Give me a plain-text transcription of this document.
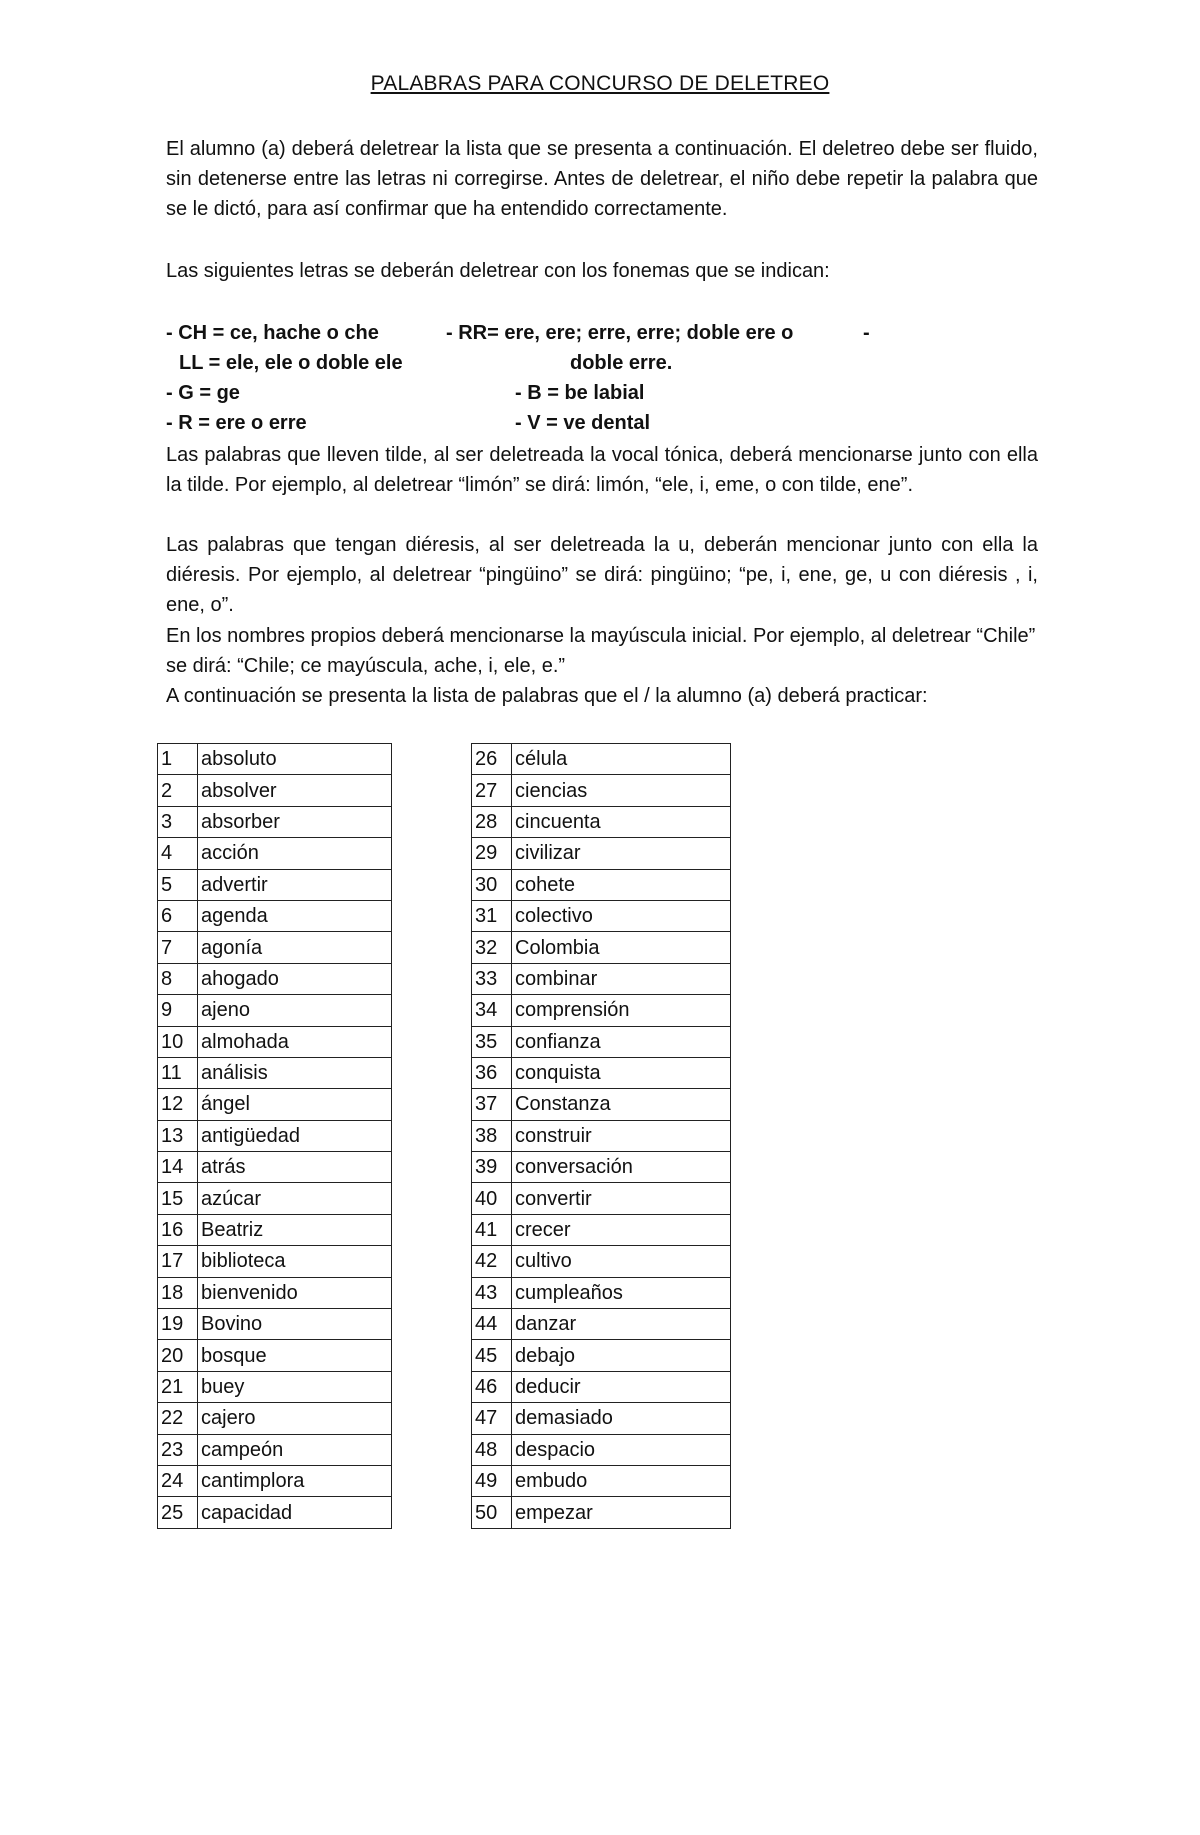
PALABRAS PARA CONCURSO DE DELETREO
El alumno (a) deberá deletrear la lista que se presenta a continuación. El deletreo debe ser fluido, sin detenerse entre las letras ni corregirse. Antes de deletrear, el niño debe repetir la palabra que se le dictó, para así confirmar que ha entendido correctamente.
Las siguientes letras se deberán deletrear con los fonemas que se indican:
- CH = ce, hache o che	- RR= ere, ere; erre, erre; doble ere o	-
LL = ele, ele o doble ele	doble erre.
- G = ge	- B = be labial
- R = ere o erre	- V = ve dental
Las palabras que lleven tilde, al ser deletreada la vocal tónica, deberá mencionarse junto con ella la tilde. Por ejemplo, al deletrear “limón” se dirá: limón, “ele, i, eme, o con tilde, ene”.
Las palabras que tengan diéresis, al ser deletreada la u, deberán mencionar junto con ella la diéresis. Por ejemplo, al deletrear “pingüino” se dirá: pingüino; “pe, i, ene, ge, u con diéresis , i, ene, o”.
En los nombres propios deberá mencionarse la mayúscula inicial. Por ejemplo, al deletrear “Chile” se dirá: “Chile; ce mayúscula, ache, i, ele, e.”
A continuación se presenta la lista de palabras que el / la alumno (a) deberá practicar:
1	absoluto
2	absolver
3	absorber
4	acción
5	advertir
6	agenda
7	agonía
8	ahogado
9	ajeno
10	almohada
11	análisis
12	ángel
13	antigüedad
14	atrás
15	azúcar
16	Beatriz
17	biblioteca
18	bienvenido
19	Bovino
20	bosque
21	buey
22	cajero
23	campeón
24	cantimplora
25	capacidad
26	célula
27	ciencias
28	cincuenta
29	civilizar
30	cohete
31	colectivo
32	Colombia
33	combinar
34	comprensión
35	confianza
36	conquista
37	Constanza
38	construir
39	conversación
40	convertir
41	crecer
42	cultivo
43	cumpleaños
44	danzar
45	debajo
46	deducir
47	demasiado
48	despacio
49	embudo
50	empezar
